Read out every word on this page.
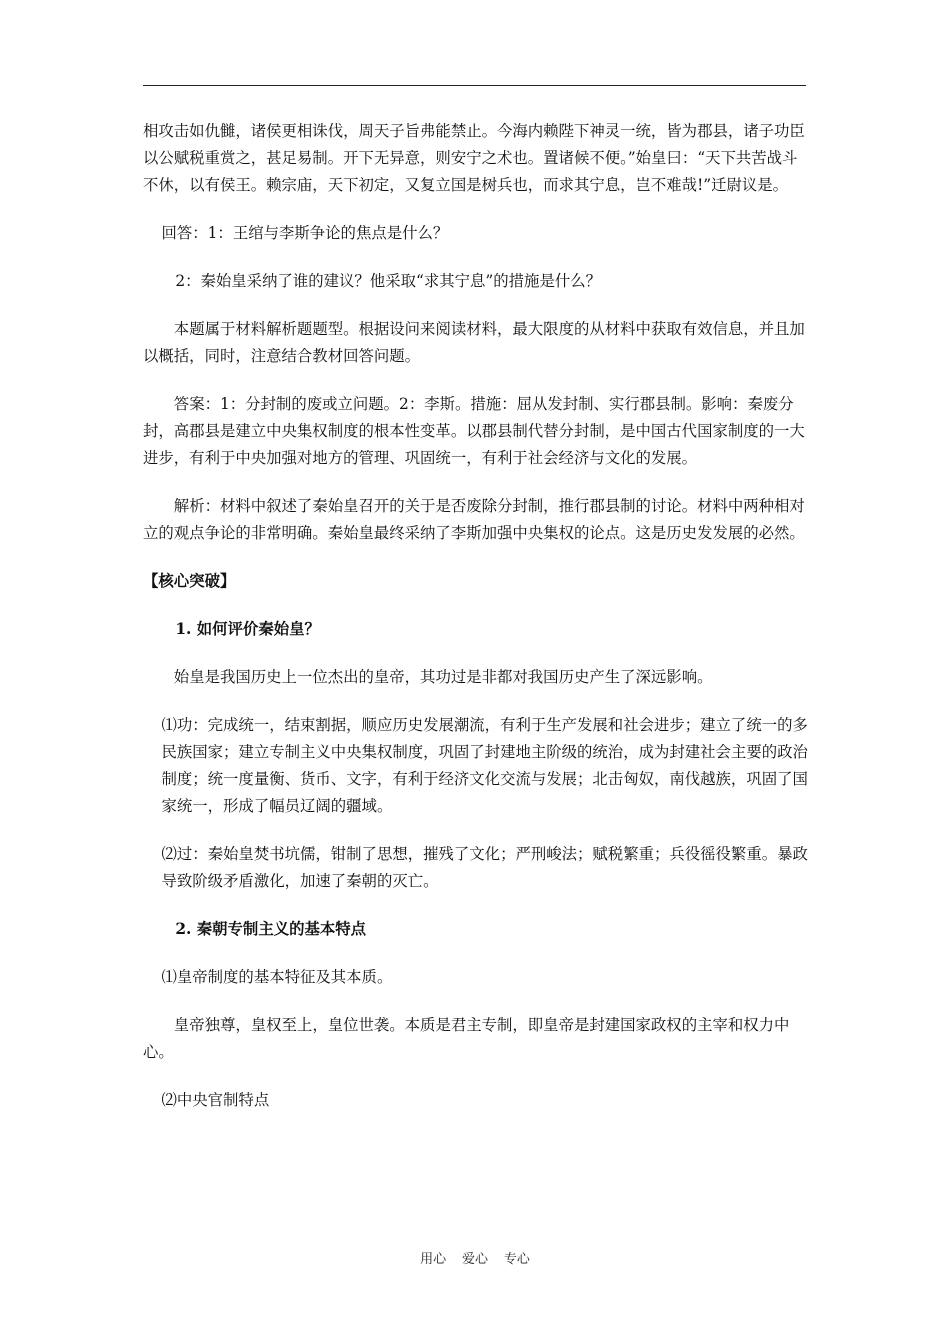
相攻击如仇雠，诸侯更相诛伐，周天子旨弗能禁止。今海内赖陛下神灵一统，皆为郡县，诸子功臣以公赋税重赏之，甚足易制。开下无异意，则安宁之术也。置诸候不便。”始皇曰：“天下共苦战斗不休，以有侯王。赖宗庙，天下初定，又复立国是树兵也，而求其宁息，岂不难哉!”迁尉议是。

回答：1：王绾与李斯争论的焦点是什么？

2：秦始皇采纳了谁的建议？他采取“求其宁息”的措施是什么？

本题属于材料解析题题型。根据设问来阅读材料，最大限度的从材料中获取有效信息，并且加以概括，同时，注意结合教材回答问题。

答案：1：分封制的废或立问题。2：李斯。措施：屈从发封制、实行郡县制。影响：秦废分封，高郡县是建立中央集权制度的根本性变革。以郡县制代替分封制，是中国古代国家制度的一大进步，有利于中央加强对地方的管理、巩固统一，有利于社会经济与文化的发展。

解析：材料中叙述了秦始皇召开的关于是否废除分封制，推行郡县制的讨论。材料中两种相对立的观点争论的非常明确。秦始皇最终采纳了李斯加强中央集权的论点。这是历史发发展的必然。

【核心突破】

1. 如何评价秦始皇？

始皇是我国历史上一位杰出的皇帝，其功过是非都对我国历史产生了深远影响。

⑴功：完成统一，结束割据，顺应历史发展潮流，有利于生产发展和社会进步；建立了统一的多民族国家；建立专制主义中央集权制度，巩固了封建地主阶级的统治，成为封建社会主要的政治制度；统一度量衡、货币、文字，有利于经济文化交流与发展；北击匈奴，南伐越族，巩固了国家统一，形成了幅员辽阔的疆域。

⑵过：秦始皇焚书坑儒，钳制了思想，摧残了文化；严刑峻法；赋税繁重；兵役徭役繁重。暴政导致阶级矛盾激化，加速了秦朝的灭亡。

2. 秦朝专制主义的基本特点

⑴皇帝制度的基本特征及其本质。

皇帝独尊，皇权至上，皇位世袭。本质是君主专制，即皇帝是封建国家政权的主宰和权力中心。

⑵中央官制特点

用心 爱心 专心
